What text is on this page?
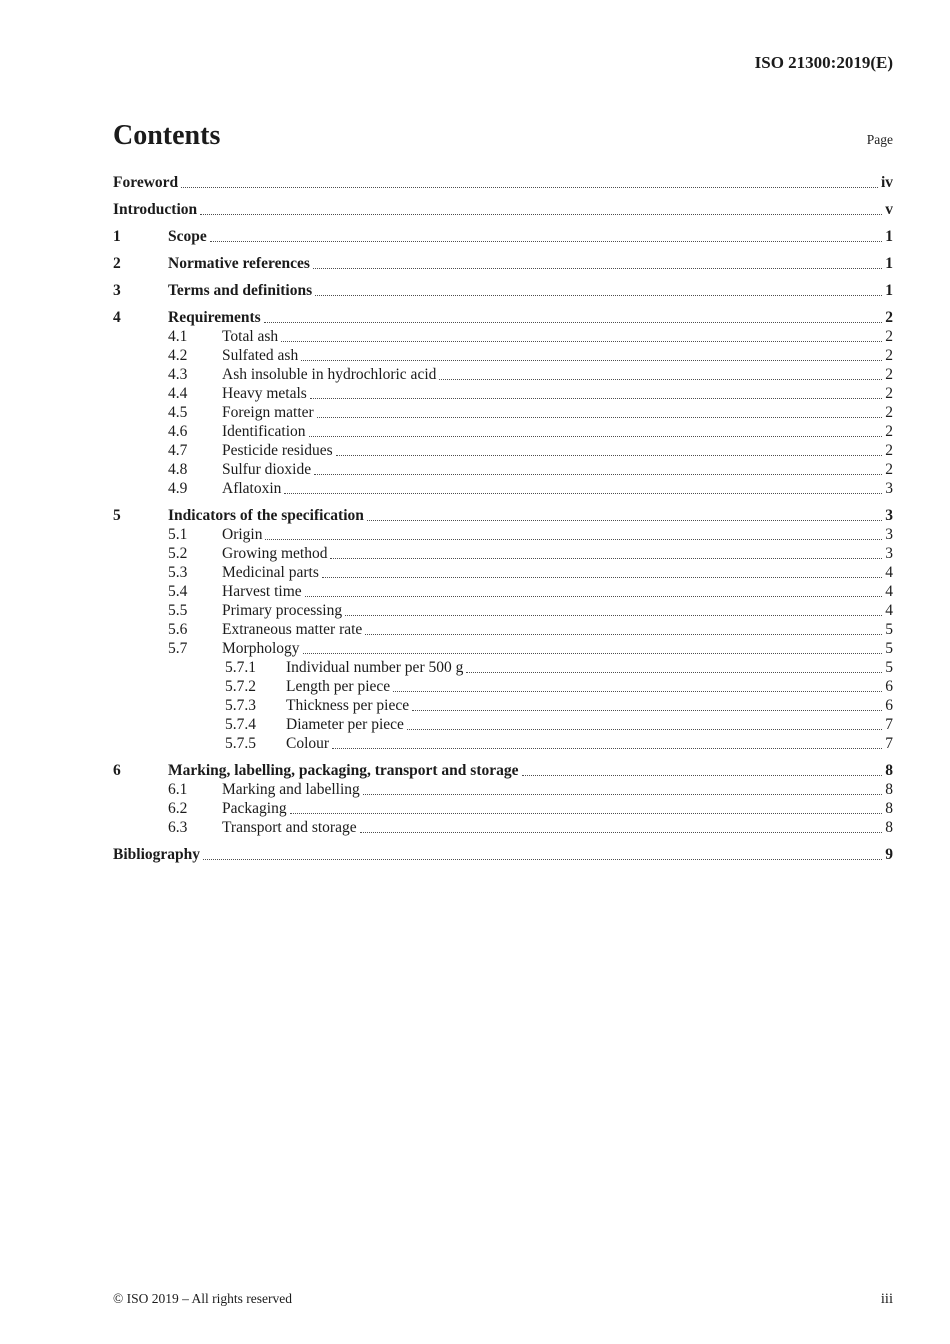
ISO 21300:2019(E)
Contents	Page
Foreword	iv
Introduction	v
1	Scope	1
2	Normative references	1
3	Terms and definitions	1
4	Requirements	2
4.1	Total ash	2
4.2	Sulfated ash	2
4.3	Ash insoluble in hydrochloric acid	2
4.4	Heavy metals	2
4.5	Foreign matter	2
4.6	Identification	2
4.7	Pesticide residues	2
4.8	Sulfur dioxide	2
4.9	Aflatoxin	3
5	Indicators of the specification	3
5.1	Origin	3
5.2	Growing method	3
5.3	Medicinal parts	4
5.4	Harvest time	4
5.5	Primary processing	4
5.6	Extraneous matter rate	5
5.7	Morphology	5
5.7.1	Individual number per 500 g	5
5.7.2	Length per piece	6
5.7.3	Thickness per piece	6
5.7.4	Diameter per piece	7
5.7.5	Colour	7
6	Marking, labelling, packaging, transport and storage	8
6.1	Marking and labelling	8
6.2	Packaging	8
6.3	Transport and storage	8
Bibliography	9
© ISO 2019 – All rights reserved	iii
